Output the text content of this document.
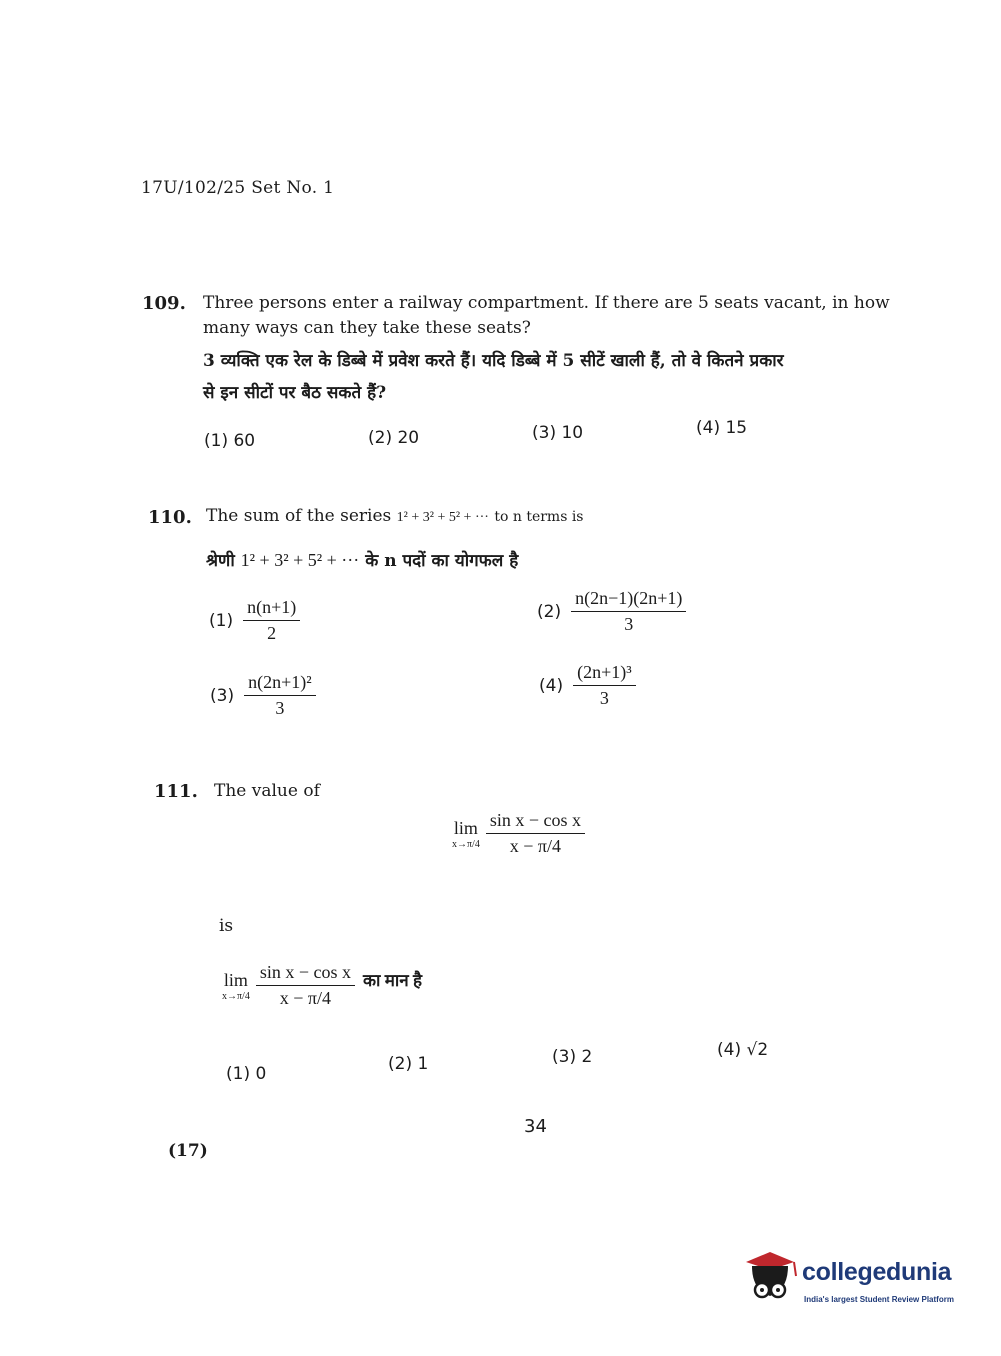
17U/102/25 Set No. 1
109. Three persons enter a railway compartment. If there are 5 seats vacant, in how
many ways can they take these seats?
3 व्यक्ति एक रेल के डिब्बे में प्रवेश करते हैं। यदि डिब्बे में 5 सीटें खाली हैं, तो वे कितने प्रकार
से इन सीटों पर बैठ सकते हैं?
(1) 60	(2) 20	(3) 10	(4) 15
110. The sum of the series 1² + 3² + 5² + ··· to n terms is
श्रेणी 1² + 3² + 5² + ··· के n पदों का योगफल है
$(1) \frac{n(n+1)}{2}$	$(2) \frac{n(2n-1)(2n+1)}{3}$
$(3) \frac{\text{n(2n+1)²}}{3}$	$(4) \frac{\text{(2n+1)³}}{3}$
111. The value of
lim
$x\to\pi/4 \frac{\text{sin x − cos x}}{x - \pi/4}$
is
lim
$x\to\pi/4 \frac{\text{sin x − cos x}}{x - \pi/4}$ का मान है
(1) 0	(2) 1	(3) 2	(4) √2
34
(17)
collegedunia
India's largest Student Review Platform
